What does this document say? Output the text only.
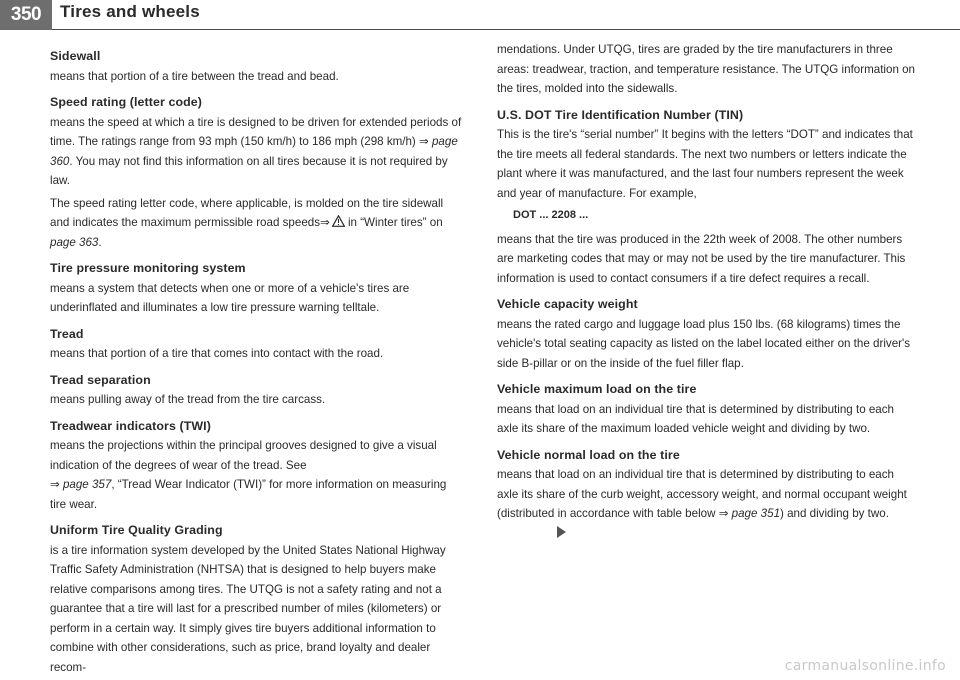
350	Tires and wheels
Sidewall

means that portion of a tire between the tread and bead.

Speed rating (letter code)

means the speed at which a tire is designed to be driven for extended periods of time. The ratings range from 93 mph (150 km/h) to 186 mph (298 km/h) ⇒ page 360. You may not find this information on all tires because it is not required by law.

The speed rating letter code, where applicable, is molded on the tire sidewall and indicates the maximum permissible road speeds⇒ in “Winter tires” on page 363.

Tire pressure monitoring system

means a system that detects when one or more of a vehicle's tires are underinflated and illuminates a low tire pressure warning telltale.

Tread

means that portion of a tire that comes into contact with the road.

Tread separation

means pulling away of the tread from the tire carcass.

Treadwear indicators (TWI)

means the projections within the principal grooves designed to give a visual indication of the degrees of wear of the tread. See
⇒ page 357, “Tread Wear Indicator (TWI)” for more information on measuring tire wear.

Uniform Tire Quality Grading

is a tire information system developed by the United States National Highway Traffic Safety Administration (NHTSA) that is designed to help buyers make relative comparisons among tires. The UTQG is not a safety rating and not a guarantee that a tire will last for a prescribed number of miles (kilometers) or perform in a certain way. It simply gives tire buyers additional information to combine with other considerations, such as price, brand loyalty and dealer recom-

mendations. Under UTQG, tires are graded by the tire manufacturers in three areas: treadwear, traction, and temperature resistance. The UTQG information on the tires, molded into the sidewalls.

U.S. DOT Tire Identification Number (TIN)

This is the tire's “serial number” It begins with the letters “DOT” and indicates that the tire meets all federal standards. The next two numbers or letters indicate the plant where it was manufactured, and the last four numbers represent the week and year of manufacture. For example,

DOT ... 2208 ...

means that the tire was produced in the 22th week of 2008. The other numbers are marketing codes that may or may not be used by the tire manufacturer. This information is used to contact consumers if a tire defect requires a recall.

Vehicle capacity weight

means the rated cargo and luggage load plus 150 lbs. (68 kilograms) times the vehicle's total seating capacity as listed on the label located either on the driver's side B-pillar or on the inside of the fuel filler flap.

Vehicle maximum load on the tire

means that load on an individual tire that is determined by distributing to each axle its share of the maximum loaded vehicle weight and dividing by two.

Vehicle normal load on the tire

means that load on an individual tire that is determined by distributing to each axle its share of the curb weight, accessory weight, and normal occupant weight (distributed in accordance with table below ⇒ page 351) and dividing by two.

carmanualsonline.info
